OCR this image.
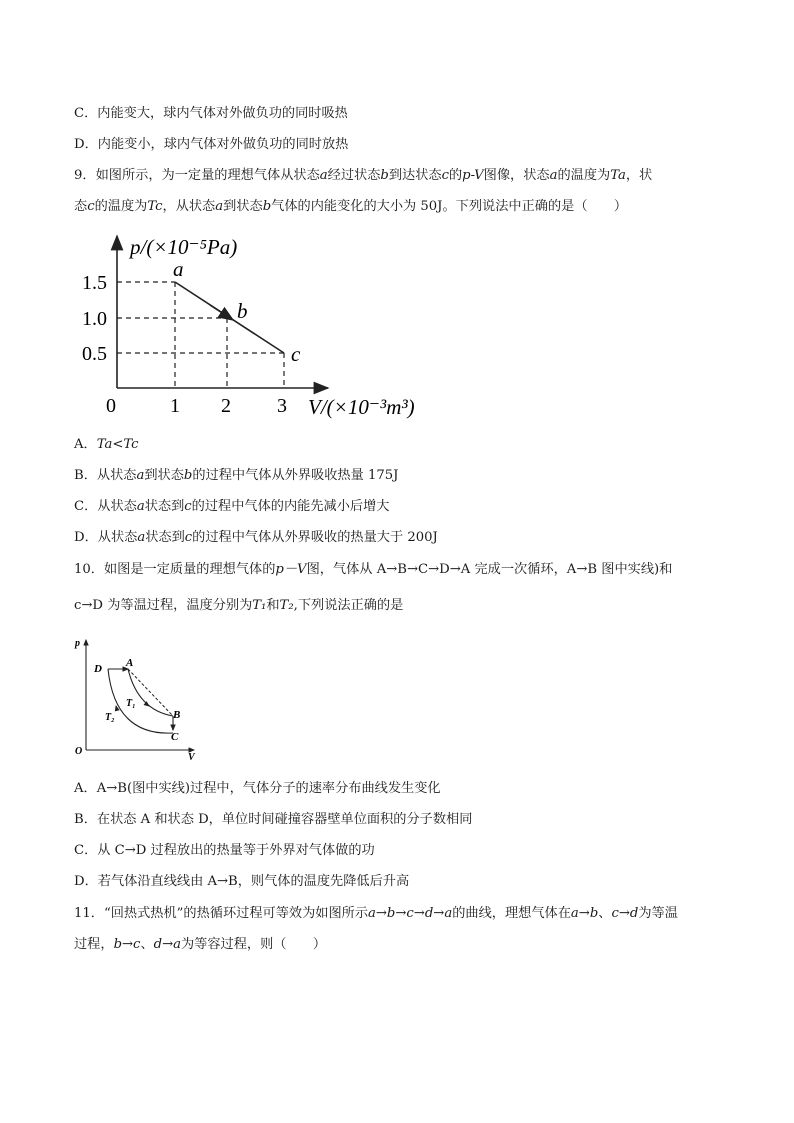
C．内能变大，球内气体对外做负功的同时吸热
D．内能变小，球内气体对外做负功的同时放热
9．如图所示，为一定量的理想气体从状态a经过状态b到达状态c的p-V图像，状态a的温度为Ta，状
态c的温度为Tc，从状态a到状态b气体的内能变化的大小为 50J。下列说法中正确的是（　　）
p/(×10⁻⁵Pa)
V/(×10⁻³m³)
1.5
1.0
0.5
0	1 2 3
a
b
c
A．Ta<Tc
B．从状态a到状态b的过程中气体从外界吸收热量 175J
C．从状态a状态到c的过程中气体的内能先减小后增大
D．从状态a状态到c的过程中气体从外界吸收的热量大于 200J
10．如图是一定质量的理想气体的p－V图，气体从 A→B→C→D→A 完成一次循环，A→B 图中实线)和
c→D 为等温过程，温度分别为T₁和T₂,下列说法正确的是
p
V
O
D A
T₁
B
T₂
C
A．A→B(图中实线)过程中，气体分子的速率分布曲线发生变化
B．在状态 A 和状态 D，单位时间碰撞容器壁单位面积的分子数相同
C．从 C→D 过程放出的热量等于外界对气体做的功
D．若气体沿直线线由 A→B，则气体的温度先降低后升高
11．“回热式热机”的热循环过程可等效为如图所示a→b→c→d→a的曲线，理想气体在a→b、c→d为等温
过程，b→c、d→a为等容过程，则（　　）
